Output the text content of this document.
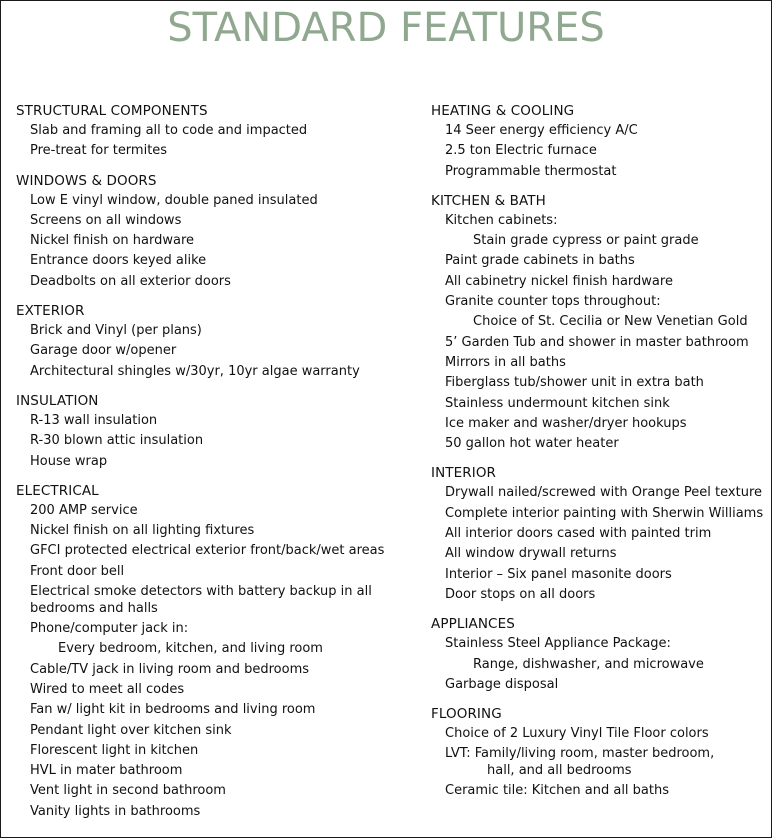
STANDARD FEATURES
STRUCTURAL COMPONENTS
Slab and framing all to code and impacted
Pre-treat for termites
WINDOWS & DOORS
Low E vinyl window, double paned insulated
Screens on all windows
Nickel finish on hardware
Entrance doors keyed alike
Deadbolts on all exterior doors
EXTERIOR
Brick and Vinyl (per plans)
Garage door w/opener
Architectural shingles w/30yr, 10yr algae warranty
INSULATION
R-13 wall insulation
R-30 blown attic insulation
House wrap
ELECTRICAL
200 AMP service
Nickel finish on all lighting fixtures
GFCI protected electrical exterior front/back/wet areas
Front door bell
Electrical smoke detectors with battery backup in all
bedrooms and halls
Phone/computer jack in:
Every bedroom, kitchen, and living room
Cable/TV jack in living room and bedrooms
Wired to meet all codes
Fan w/ light kit in bedrooms and living room
Pendant light over kitchen sink
Florescent light in kitchen
HVL in mater bathroom
Vent light in second bathroom
Vanity lights in bathrooms
HEATING & COOLING
14 Seer energy efficiency A/C
2.5 ton Electric furnace
Programmable thermostat
KITCHEN & BATH
Kitchen cabinets:
Stain grade cypress or paint grade
Paint grade cabinets in baths
All cabinetry nickel finish hardware
Granite counter tops throughout:
Choice of St. Cecilia or New Venetian Gold
5’ Garden Tub and shower in master bathroom
Mirrors in all baths
Fiberglass tub/shower unit in extra bath
Stainless undermount kitchen sink
Ice maker and washer/dryer hookups
50 gallon hot water heater
INTERIOR
Drywall nailed/screwed with Orange Peel texture
Complete interior painting with Sherwin Williams
All interior doors cased with painted trim
All window drywall returns
Interior – Six panel masonite doors
Door stops on all doors
APPLIANCES
Stainless Steel Appliance Package:
Range, dishwasher, and microwave
Garbage disposal
FLOORING
Choice of 2 Luxury Vinyl Tile Floor colors
LVT: Family/living room, master bedroom,
hall, and all bedrooms
Ceramic tile: Kitchen and all baths
